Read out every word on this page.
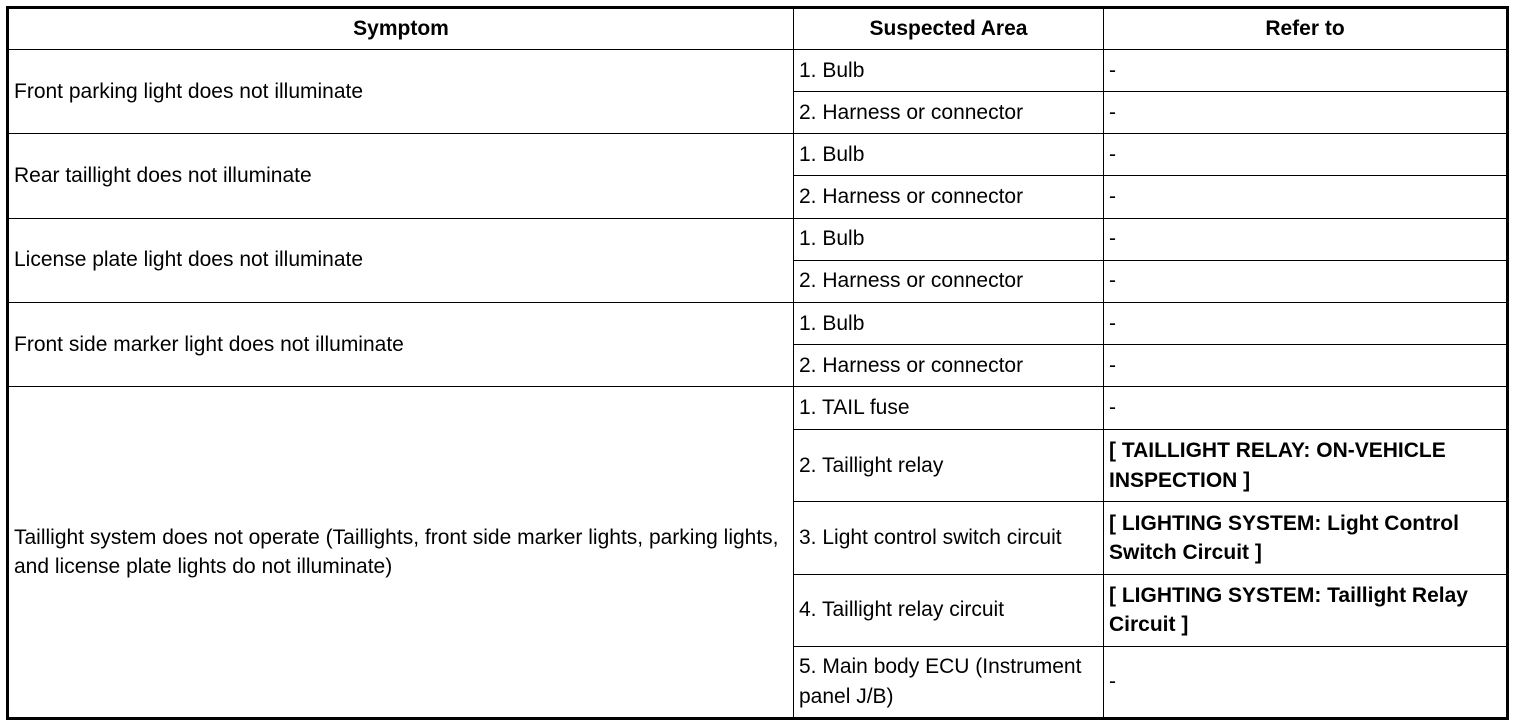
Symptom	Suspected Area	Refer to
Front parking light does not illuminate	1. Bulb	-
	2. Harness or connector	-
Rear taillight does not illuminate	1. Bulb	-
	2. Harness or connector	-
License plate light does not illuminate	1. Bulb	-
	2. Harness or connector	-
Front side marker light does not illuminate	1. Bulb	-
	2. Harness or connector	-
Taillight system does not operate (Taillights, front side marker lights, parking lights, and license plate lights do not illuminate)	1. TAIL fuse	-
	2. Taillight relay	[ TAILLIGHT RELAY: ON-VEHICLE INSPECTION ]
	3. Light control switch circuit	[ LIGHTING SYSTEM: Light Control Switch Circuit ]
	4. Taillight relay circuit	[ LIGHTING SYSTEM: Taillight Relay Circuit ]
	5. Main body ECU (Instrument panel J/B)	-
